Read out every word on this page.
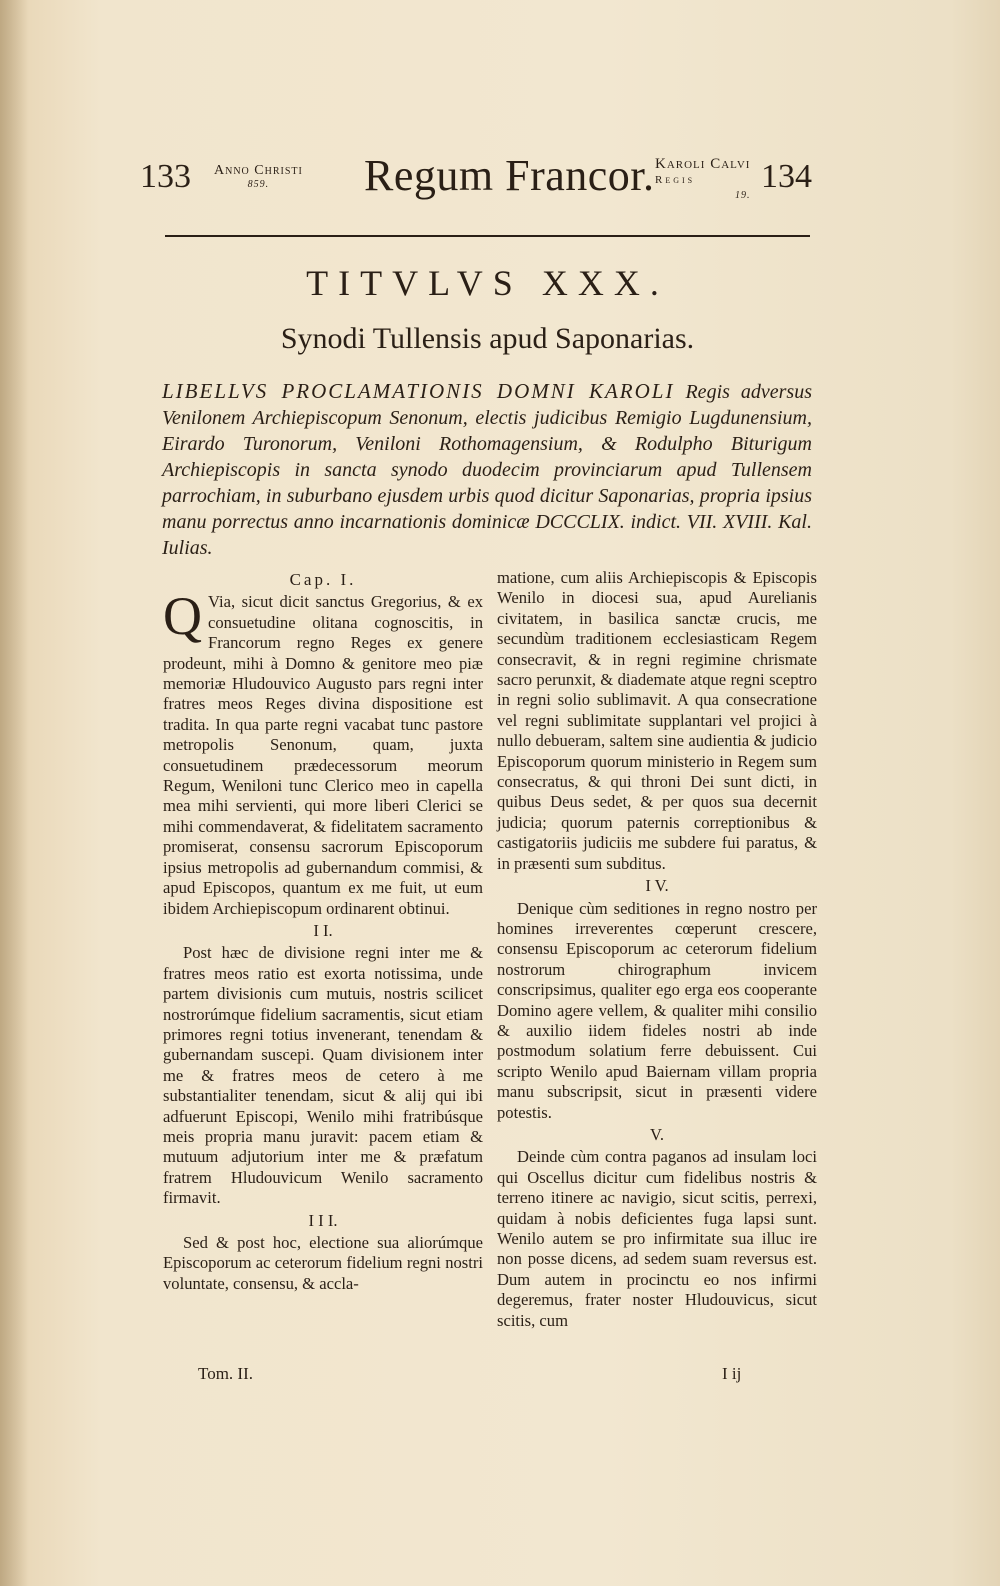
133 Anno Christi
859.	Regum Francor. Karoli Calvi
Regis
19.
134
TITVLVS XXX.
Synodi Tullensis apud Saponarias.
LIBELLVS PROCLAMATIONIS DOMNI KAROLI Regis adversus Venilonem Archiepiscopum Senonum, electis judicibus Remigio Lugdunensium, Eirardo Turonorum, Veniloni Rothomagensium, & Rodulpho Biturigum Archiepiscopis in sancta synodo duodecim provinciarum apud Tullensem parrochiam, in suburbano ejusdem urbis quod dicitur Saponarias, propria ipsius manu porrectus anno incarnationis dominicæ DCCCLIX. indict. VII. XVIII. Kal. Iulias.
Cap. I.
Q Via, sicut dicit sanctus Gregorius, & ex consuetudine olitana cognoscitis, in Francorum regno Reges ex genere prodeunt, mihi à Domno & genitore meo piæ memoriæ Hludouvico Augusto pars regni inter fratres meos Reges divina dispositione est tradita. In qua parte regni vacabat tunc pastore metropolis Senonum, quam, juxta consuetudinem prædecessorum meorum Regum, Weniloni tunc Clerico meo in capella mea mihi servienti, qui more liberi Clerici se mihi commendaverat, & fidelitatem sacramento promiserat, consensu sacrorum Episcoporum ipsius metropolis ad gubernandum commisi, & apud Episcopos, quantum ex me fuit, ut eum ibidem Archiepiscopum ordinarent obtinui.
I I.
Post hæc de divisione regni inter me & fratres meos ratio est exorta notissima, unde partem divisionis cum mutuis, nostris scilicet nostrorúmque fidelium sacramentis, sicut etiam primores regni totius invenerant, tenendam & gubernandam suscepi. Quam divisionem inter me & fratres meos de cetero à me substantialiter tenendam, sicut & alij qui ibi adfuerunt Episcopi, Wenilo mihi fratribúsque meis propria manu juravit: pacem etiam & mutuum adjutorium inter me & præfatum fratrem Hludouvicum Wenilo sacramento firmavit.
I I I.
Sed & post hoc, electione sua aliorúmque Episcoporum ac ceterorum fidelium regni nostri voluntate, consensu, & accla-
matione, cum aliis Archiepiscopis & Episcopis Wenilo in diocesi sua, apud Aurelianis civitatem, in basilica sanctæ crucis, me secundùm traditionem ecclesiasticam Regem consecravit, & in regni regimine chrismate sacro perunxit, & diademate atque regni sceptro in regni solio sublimavit. A qua consecratione vel regni sublimitate supplantari vel projici à nullo debueram, saltem sine audientia & judicio Episcoporum quorum ministerio in Regem sum consecratus, & qui throni Dei sunt dicti, in quibus Deus sedet, & per quos sua decernit judicia; quorum paternis correptionibus & castigatoriis judiciis me subdere fui paratus, & in præsenti sum subditus.
I V.
Denique cùm seditiones in regno nostro per homines irreverentes cœperunt crescere, consensu Episcoporum ac ceterorum fidelium nostrorum chirographum invicem conscripsimus, qualiter ego erga eos cooperante Domino agere vellem, & qualiter mihi consilio & auxilio iidem fideles nostri ab inde postmodum solatium ferre debuissent. Cui scripto Wenilo apud Baiernam villam propria manu subscripsit, sicut in præsenti videre potestis.
V.
Deinde cùm contra paganos ad insulam loci qui Oscellus dicitur cum fidelibus nostris & terreno itinere ac navigio, sicut scitis, perrexi, quidam à nobis deficientes fuga lapsi sunt. Wenilo autem se pro infirmitate sua illuc ire non posse dicens, ad sedem suam reversus est. Dum autem in procinctu eo nos infirmi degeremus, frater noster Hludouvicus, sicut scitis, cum
Tom. II.	I ij
